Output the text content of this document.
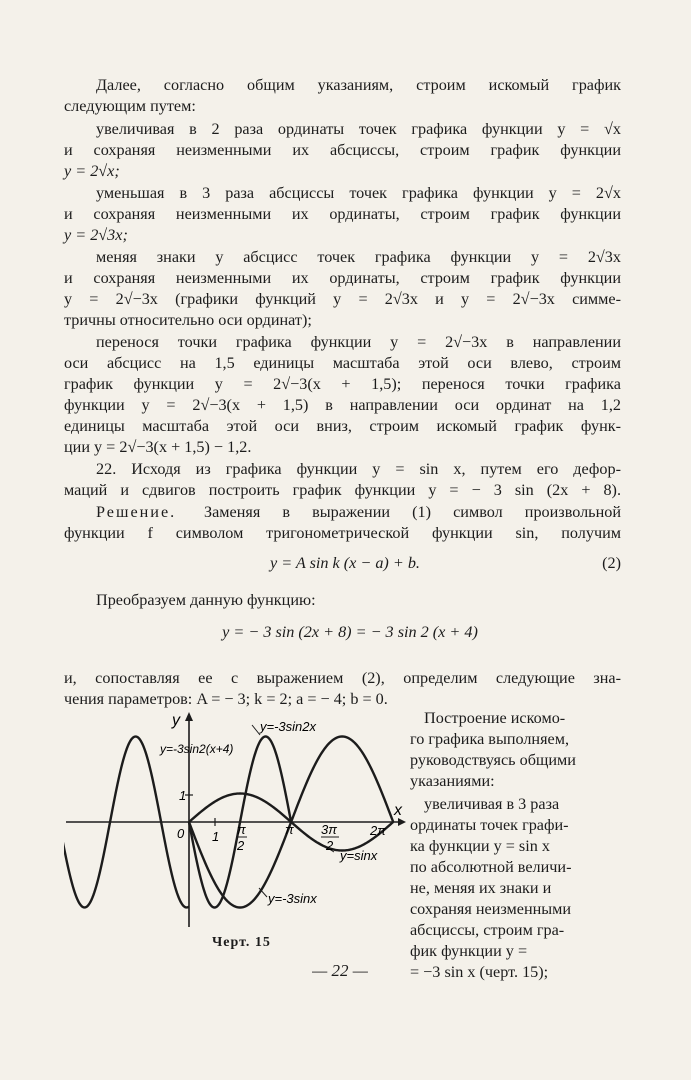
Далее, согласно общим указаниям, строим искомый график
следующим путем:
увеличивая в 2 раза ординаты точек графика функции y = √x
и сохраняя неизменными их абсциссы, строим график функции
y = 2√x;
уменьшая в 3 раза абсциссы точек графика функции y = 2√x
и сохраняя неизменными их ординаты, строим график функции
y = 2√3x;
меняя знаки у абсцисс точек графика функции y = 2√3x
и сохраняя неизменными их ординаты, строим график функции
y = 2√−3x (графики функций y = 2√3x и y = 2√−3x симме-
тричны относительно оси ординат);
перенося точки графика функции y = 2√−3x в направлении
оси абсцисс на 1,5 единицы масштаба этой оси влево, строим
график функции y = 2√−3(x + 1,5); перенося точки графика
функции y = 2√−3(x + 1,5) в направлении оси ординат на 1,2
единицы масштаба этой оси вниз, строим искомый график функ-
ции y = 2√−3(x + 1,5) − 1,2.
22. Исходя из графика функции y = sin x, путем его дефор-
маций и сдвигов построить график функции y = − 3 sin (2x + 8).
Решение. Заменяя в выражении (1) символ произвольной
функции f символом тригонометрической функции sin, получим
y = A sin k (x − a) + b.	(2)
Преобразуем данную функцию:
y = − 3 sin (2x + 8) = − 3 sin 2 (x + 4)
и, сопоставляя ее с выражением (2), определим следующие зна-
чения параметров: A = − 3; k = 2; a = − 4; b = 0.
Построение искомо-
го графика выполняем,
руководствуясь общими
указаниями:
увеличивая в 3 раза
ординаты точек графи-
ка функции y = sin x
по абсолютной величи-
не, меняя их знаки и
сохраняя неизменными
абсциссы, строим гра-
фик функции y =
= −3 sin x (черт. 15);
y
x
0
1
1 π
2
π 3π
2
2π
y=-3sin2(x+4)
y=-3sin2x
y=sinx
y=-3sinx
Черт. 15
— 22 —
